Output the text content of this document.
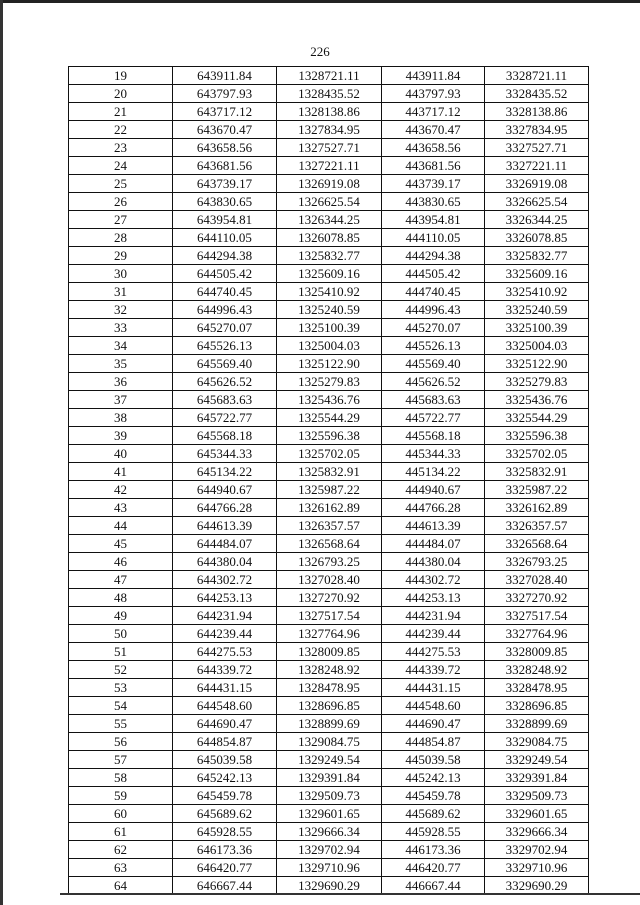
226
19	643911.84	1328721.11	443911.84	3328721.11
20	643797.93	1328435.52	443797.93	3328435.52
21	643717.12	1328138.86	443717.12	3328138.86
22	643670.47	1327834.95	443670.47	3327834.95
23	643658.56	1327527.71	443658.56	3327527.71
24	643681.56	1327221.11	443681.56	3327221.11
25	643739.17	1326919.08	443739.17	3326919.08
26	643830.65	1326625.54	443830.65	3326625.54
27	643954.81	1326344.25	443954.81	3326344.25
28	644110.05	1326078.85	444110.05	3326078.85
29	644294.38	1325832.77	444294.38	3325832.77
30	644505.42	1325609.16	444505.42	3325609.16
31	644740.45	1325410.92	444740.45	3325410.92
32	644996.43	1325240.59	444996.43	3325240.59
33	645270.07	1325100.39	445270.07	3325100.39
34	645526.13	1325004.03	445526.13	3325004.03
35	645569.40	1325122.90	445569.40	3325122.90
36	645626.52	1325279.83	445626.52	3325279.83
37	645683.63	1325436.76	445683.63	3325436.76
38	645722.77	1325544.29	445722.77	3325544.29
39	645568.18	1325596.38	445568.18	3325596.38
40	645344.33	1325702.05	445344.33	3325702.05
41	645134.22	1325832.91	445134.22	3325832.91
42	644940.67	1325987.22	444940.67	3325987.22
43	644766.28	1326162.89	444766.28	3326162.89
44	644613.39	1326357.57	444613.39	3326357.57
45	644484.07	1326568.64	444484.07	3326568.64
46	644380.04	1326793.25	444380.04	3326793.25
47	644302.72	1327028.40	444302.72	3327028.40
48	644253.13	1327270.92	444253.13	3327270.92
49	644231.94	1327517.54	444231.94	3327517.54
50	644239.44	1327764.96	444239.44	3327764.96
51	644275.53	1328009.85	444275.53	3328009.85
52	644339.72	1328248.92	444339.72	3328248.92
53	644431.15	1328478.95	444431.15	3328478.95
54	644548.60	1328696.85	444548.60	3328696.85
55	644690.47	1328899.69	444690.47	3328899.69
56	644854.87	1329084.75	444854.87	3329084.75
57	645039.58	1329249.54	445039.58	3329249.54
58	645242.13	1329391.84	445242.13	3329391.84
59	645459.78	1329509.73	445459.78	3329509.73
60	645689.62	1329601.65	445689.62	3329601.65
61	645928.55	1329666.34	445928.55	3329666.34
62	646173.36	1329702.94	446173.36	3329702.94
63	646420.77	1329710.96	446420.77	3329710.96
64	646667.44	1329690.29	446667.44	3329690.29
